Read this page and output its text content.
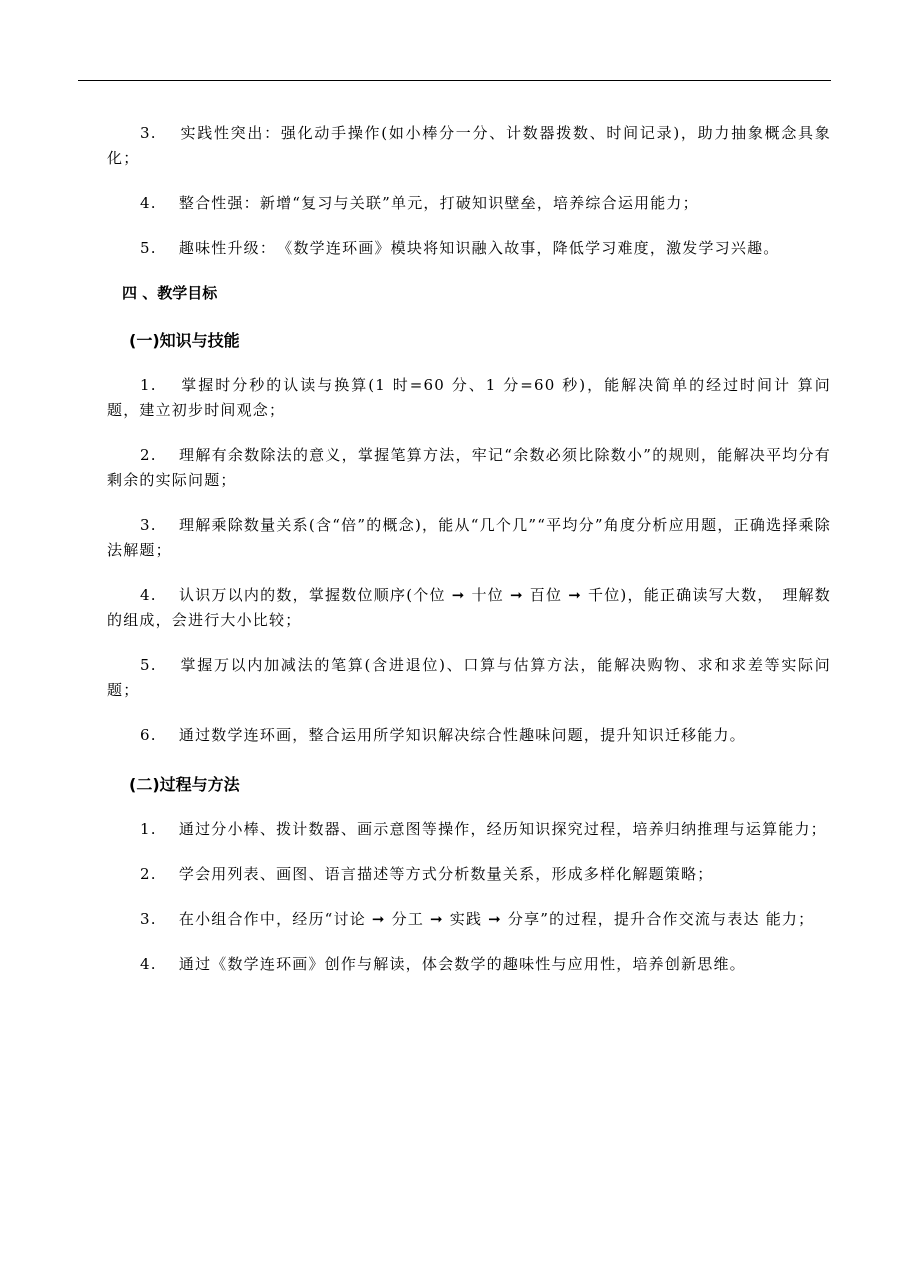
3.　 实践性突出：强化动手操作(如小棒分一分、计数器拨数、时间记录)，助力抽象概念具象化；

4.　 整合性强：新增“复习与关联”单元，打破知识壁垒，培养综合运用能力；

5.　 趣味性升级：　《数学连环画》模块将知识融入故事，降低学习难度，激发学习兴趣。

四 、教学目标
(一)知识与技能

1.　 掌握时分秒的认读与换算(1 时=60 分、1 分=60 秒)，能解决简单的经过时间计 算问题，建立初步时间观念；

2.　 理解有余数除法的意义，掌握笔算方法，牢记“余数必须比除数小”的规则，能解决平均分有剩余的实际问题；

3.　 理解乘除数量关系(含“倍”的概念)，能从“几个几”“平均分”角度分析应用题，正确选择乘除法解题；

4.　 认识万以内的数，掌握数位顺序(个位 ➞ 十位 ➞ 百位 ➞ 千位)，能正确读写大数，　理解数的组成，会进行大小比较；

5.　 掌握万以内加减法的笔算(含进退位)、口算与估算方法，能解决购物、求和求差等实际问题；

6.　 通过数学连环画，整合运用所学知识解决综合性趣味问题，提升知识迁移能力。

(二)过程与方法

1.　 通过分小棒、拨计数器、画示意图等操作，经历知识探究过程，培养归纳推理与运算能力；

2.　 学会用列表、画图、语言描述等方式分析数量关系，形成多样化解题策略；

3.　 在小组合作中，经历“讨论 ➞ 分工 ➞ 实践 ➞ 分享”的过程，提升合作交流与表达 能力；

4.　 通过《数学连环画》创作与解读，体会数学的趣味性与应用性，培养创新思维。
